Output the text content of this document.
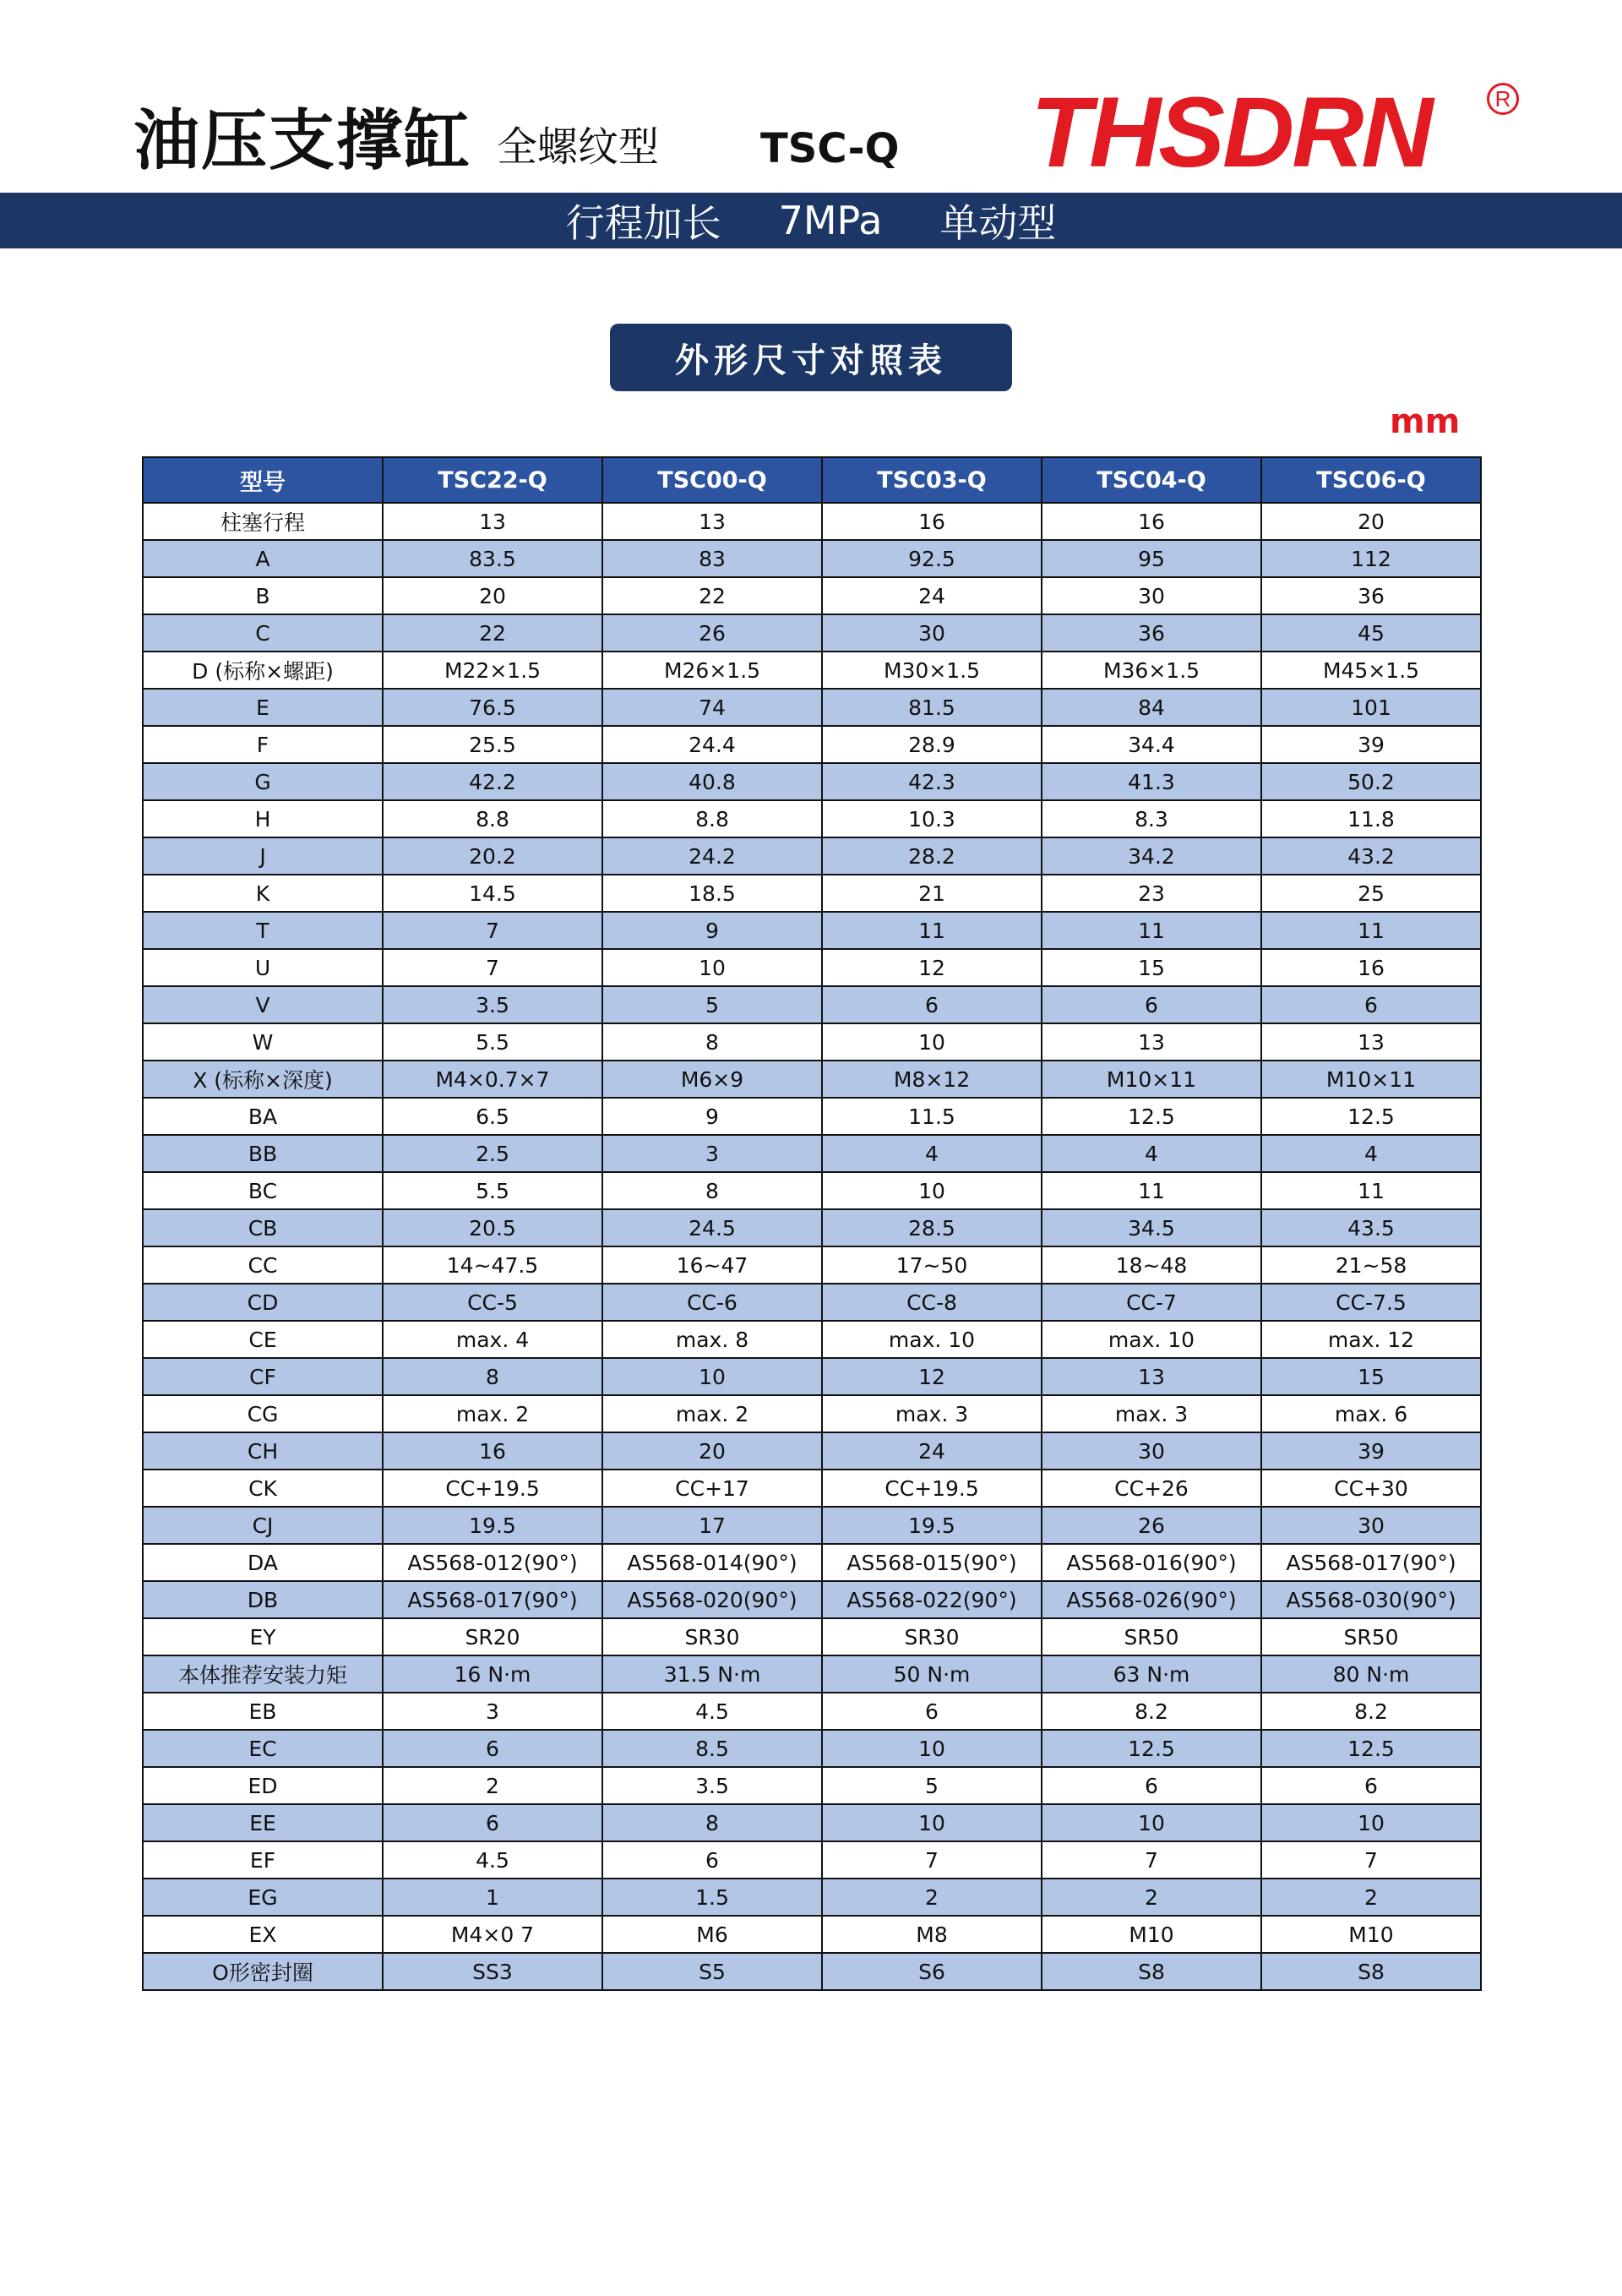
油压支撑缸 全螺纹型 TSC-Q THSDRN	R
行程加长 7MPa 单动型
外形尺寸对照表
mm
型号	TSC22-Q	TSC00-Q	TSC03-Q	TSC04-Q	TSC06-Q
柱塞行程	13	13	16	16	20
A	83.5	83	92.5	95	112
B	20	22	24	30	36
C	22	26	30	36	45
D (标称×螺距)	M22×1.5	M26×1.5	M30×1.5	M36×1.5	M45×1.5
E	76.5	74	81.5	84	101
F	25.5	24.4	28.9	34.4	39
G	42.2	40.8	42.3	41.3	50.2
H	8.8	8.8	10.3	8.3	11.8
J	20.2	24.2	28.2	34.2	43.2
K	14.5	18.5	21	23	25
T	7	9	11	11	11
U	7	10	12	15	16
V	3.5	5	6	6	6
W	5.5	8	10	13	13
X (标称×深度)	M4×0.7×7	M6×9	M8×12	M10×11	M10×11
BA	6.5	9	11.5	12.5	12.5
BB	2.5	3	4	4	4
BC	5.5	8	10	11	11
CB	20.5	24.5	28.5	34.5	43.5
CC	14~47.5	16~47	17~50	18~48	21~58
CD	CC-5	CC-6	CC-8	CC-7	CC-7.5
CE	max. 4	max. 8	max. 10	max. 10	max. 12
CF	8	10	12	13	15
CG	max. 2	max. 2	max. 3	max. 3	max. 6
CH	16	20	24	30	39
CK	CC+19.5	CC+17	CC+19.5	CC+26	CC+30
CJ	19.5	17	19.5	26	30
DA	AS568-012(90°)	AS568-014(90°)	AS568-015(90°)	AS568-016(90°)	AS568-017(90°)
DB	AS568-017(90°)	AS568-020(90°)	AS568-022(90°)	AS568-026(90°)	AS568-030(90°)
EY	SR20	SR30	SR30	SR50	SR50
本体推荐安装力矩	16 N·m	31.5 N·m	50 N·m	63 N·m	80 N·m
EB	3	4.5	6	8.2	8.2
EC	6	8.5	10	12.5	12.5
ED	2	3.5	5	6	6
EE	6	8	10	10	10
EF	4.5	6	7	7	7
EG	1	1.5	2	2	2
EX	M4×0 7	M6	M8	M10	M10
O形密封圈	SS3	S5	S6	S8	S8
